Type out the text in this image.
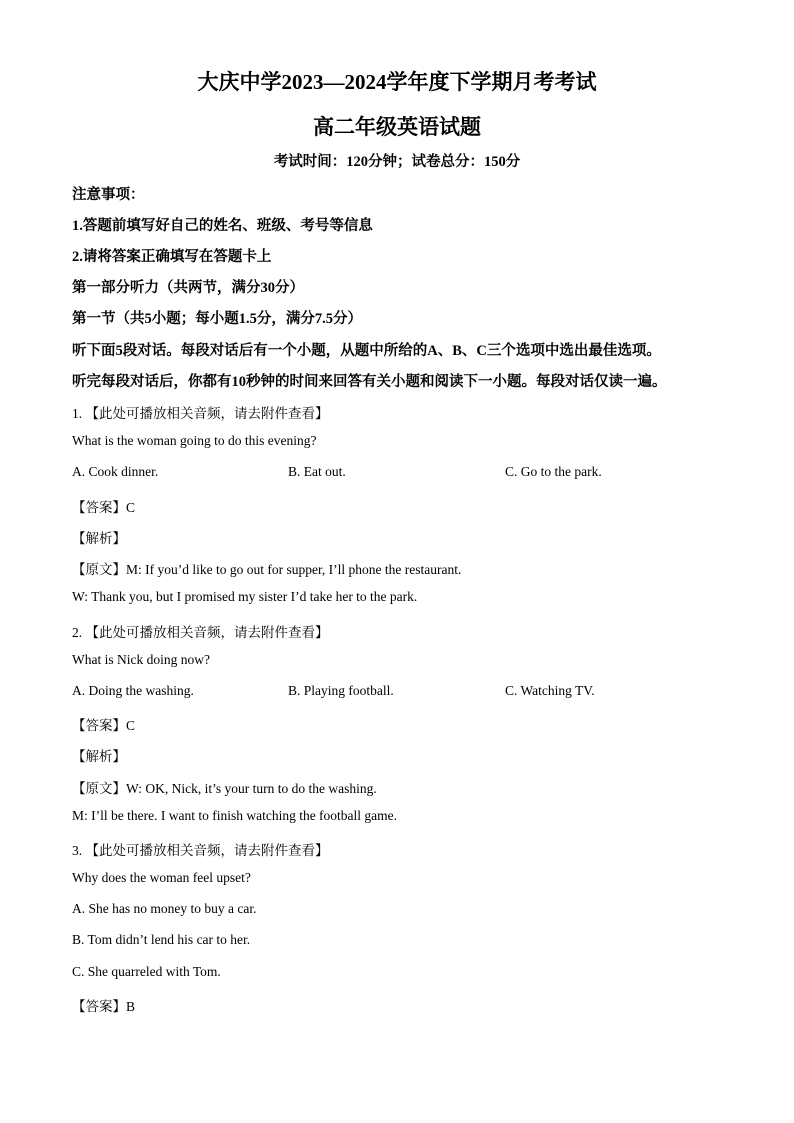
大庆中学2023—2024学年度下学期月考考试
高二年级英语试题
考试时间：120分钟；试卷总分：150分
注意事项：
1.答题前填写好自己的姓名、班级、考号等信息
2.请将答案正确填写在答题卡上
第一部分听力（共两节，满分30分）
第一节（共5小题；每小题1.5分，满分7.5分）
听下面5段对话。每段对话后有一个小题，从题中所给的A、B、C三个选项中选出最佳选项。
听完每段对话后，你都有10秒钟的时间来回答有关小题和阅读下一小题。每段对话仅读一遍。
1. 【此处可播放相关音频，请去附件查看】
What is the woman going to do this evening?
A. Cook dinner.	B. Eat out.	C. Go to the park.
【答案】C
【解析】
【原文】M: If you’d like to go out for supper, I’ll phone the restaurant.
W: Thank you, but I promised my sister I’d take her to the park.
2. 【此处可播放相关音频，请去附件查看】
What is Nick doing now?
A. Doing the washing.	B. Playing football.	C. Watching TV.
【答案】C
【解析】
【原文】W: OK, Nick, it’s your turn to do the washing.
M: I’ll be there. I want to finish watching the football game.
3. 【此处可播放相关音频，请去附件查看】
Why does the woman feel upset?
A. She has no money to buy a car.
B. Tom didn’t lend his car to her.
C. She quarreled with Tom.
【答案】B
